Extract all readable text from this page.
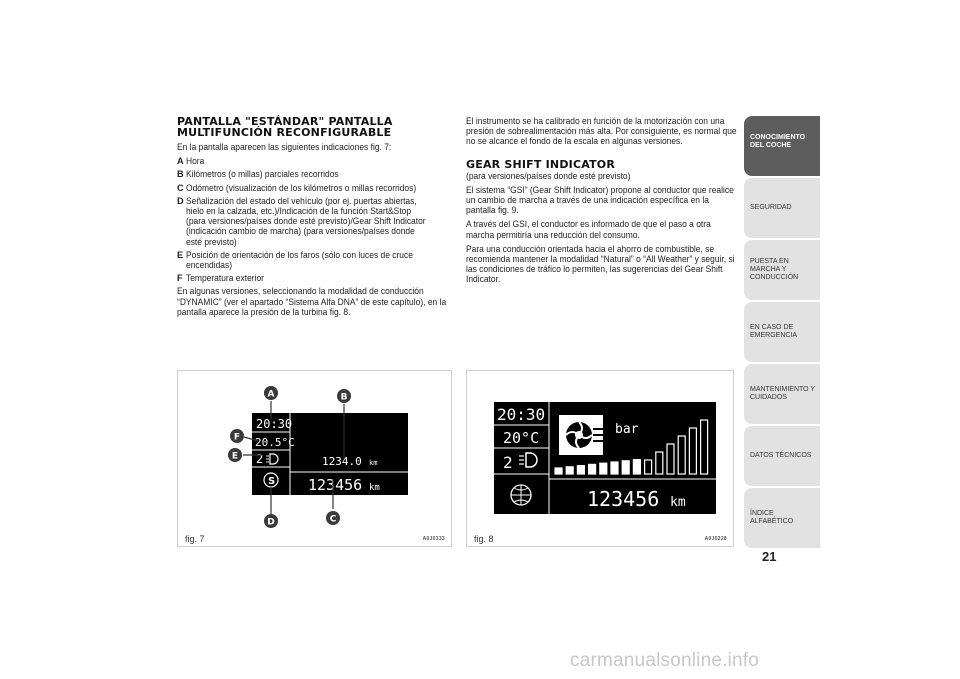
PANTALLA "ESTÁNDAR" PANTALLA
MULTIFUNCIÓN RECONFIGURABLE

En la pantalla aparecen las siguientes indicaciones fig. 7:

A Hora
B Kilómetros (o millas) parciales recorridos
C Odómetro (visualización de los kilómetros o millas recorridos)
D Señalización del estado del vehículo (por ej. puertas abiertas, hielo en la calzada, etc.)/Indicación de la función Start&Stop (para versiones/países donde esté previsto)/Gear Shift Indicator (indicación cambio de marcha) (para versiones/países donde esté previsto)
E Posición de orientación de los faros (sólo con luces de cruce encendidas)
F Temperatura exterior

En algunas versiones, seleccionando la modalidad de conducción “DYNAMIC” (ver el apartado “Sistema Alfa DNA” de este capítulo), en la pantalla aparece la presión de la turbina fig. 8.

El instrumento se ha calibrado en función de la motorización con una presión de sobrealimentación más alta. Por consiguiente, es normal que no se alcance el fondo de la escala en algunas versiones.

GEAR SHIFT INDICATOR

(para versiones/países donde esté previsto)

El sistema “GSI” (Gear Shift Indicator) propone al conductor que realice un cambio de marcha a través de una indicación específica en la pantalla fig. 9.

A través del GSI, el conductor es informado de que el paso a otra marcha permitiría una reducción del consumo.

Para una conducción orientada hacia el ahorro de combustible, se recomienda mantener la modalidad “Natural” o “All Weather” y seguir, si las condiciones de tráfico lo permiten, las sugerencias del Gear Shift Indicator.

20:30
20.5°C
2
S
1234.0 km
123456 km
A	B
C
D
E
F
fig. 7	A0J0333
20:30
20°C
2
bar
123456 km
fig. 8	A0J0228
CONOCIMIENTO DEL COCHE
SEGURIDAD
PUESTA EN MARCHA Y CONDUCCIÓN
EN CASO DE EMERGENCIA
MANTENIMIENTO Y CUIDADOS
DATOS TÉCNICOS
ÍNDICE ALFABÉTICO
21
carmanualsonline.info
